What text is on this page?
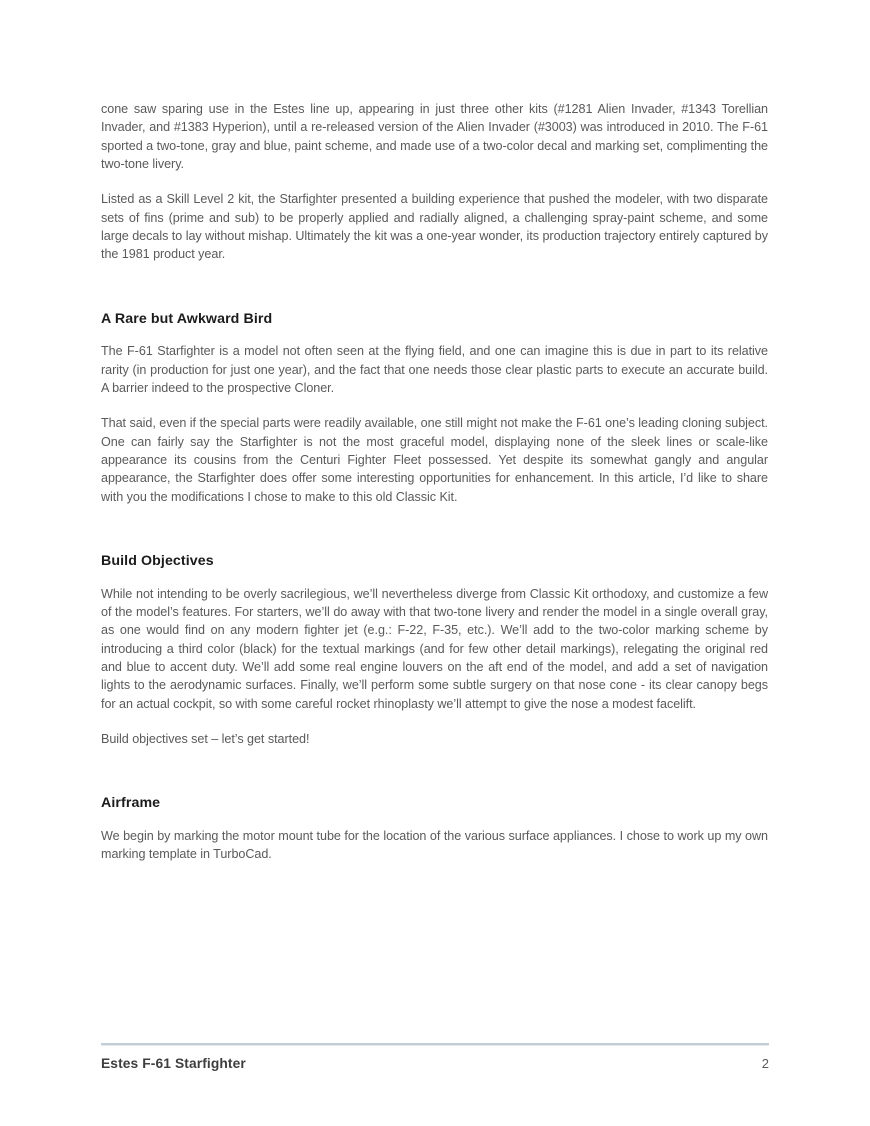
cone saw sparing use in the Estes line up, appearing in just three other kits (#1281 Alien Invader, #1343 Torellian Invader, and #1383 Hyperion), until a re-released version of the Alien Invader (#3003) was introduced in 2010. The F-61 sported a two-tone, gray and blue, paint scheme, and made use of a two-color decal and marking set, complimenting the two-tone livery.

Listed as a Skill Level 2 kit, the Starfighter presented a building experience that pushed the modeler, with two disparate sets of fins (prime and sub) to be properly applied and radially aligned, a challenging spray-paint scheme, and some large decals to lay without mishap. Ultimately the kit was a one-year wonder, its production trajectory entirely captured by the 1981 product year.

A Rare but Awkward Bird

The F-61 Starfighter is a model not often seen at the flying field, and one can imagine this is due in part to its relative rarity (in production for just one year), and the fact that one needs those clear plastic parts to execute an accurate build. A barrier indeed to the prospective Cloner.

That said, even if the special parts were readily available, one still might not make the F-61 one’s leading cloning subject. One can fairly say the Starfighter is not the most graceful model, displaying none of the sleek lines or scale-like appearance its cousins from the Centuri Fighter Fleet possessed. Yet despite its somewhat gangly and angular appearance, the Starfighter does offer some interesting opportunities for enhancement. In this article, I’d like to share with you the modifications I chose to make to this old Classic Kit.

Build Objectives

While not intending to be overly sacrilegious, we’ll nevertheless diverge from Classic Kit orthodoxy, and customize a few of the model’s features. For starters, we’ll do away with that two-tone livery and render the model in a single overall gray, as one would find on any modern fighter jet (e.g.: F-22, F-35, etc.). We’ll add to the two-color marking scheme by introducing a third color (black) for the textual markings (and for few other detail markings), relegating the original red and blue to accent duty. We’ll add some real engine louvers on the aft end of the model, and add a set of navigation lights to the aerodynamic surfaces. Finally, we’ll perform some subtle surgery on that nose cone - its clear canopy begs for an actual cockpit, so with some careful rocket rhinoplasty we’ll attempt to give the nose a modest facelift.

Build objectives set – let’s get started!

Airframe

We begin by marking the motor mount tube for the location of the various surface appliances. I chose to work up my own marking template in TurboCad.

Estes F-61 Starfighter	2
